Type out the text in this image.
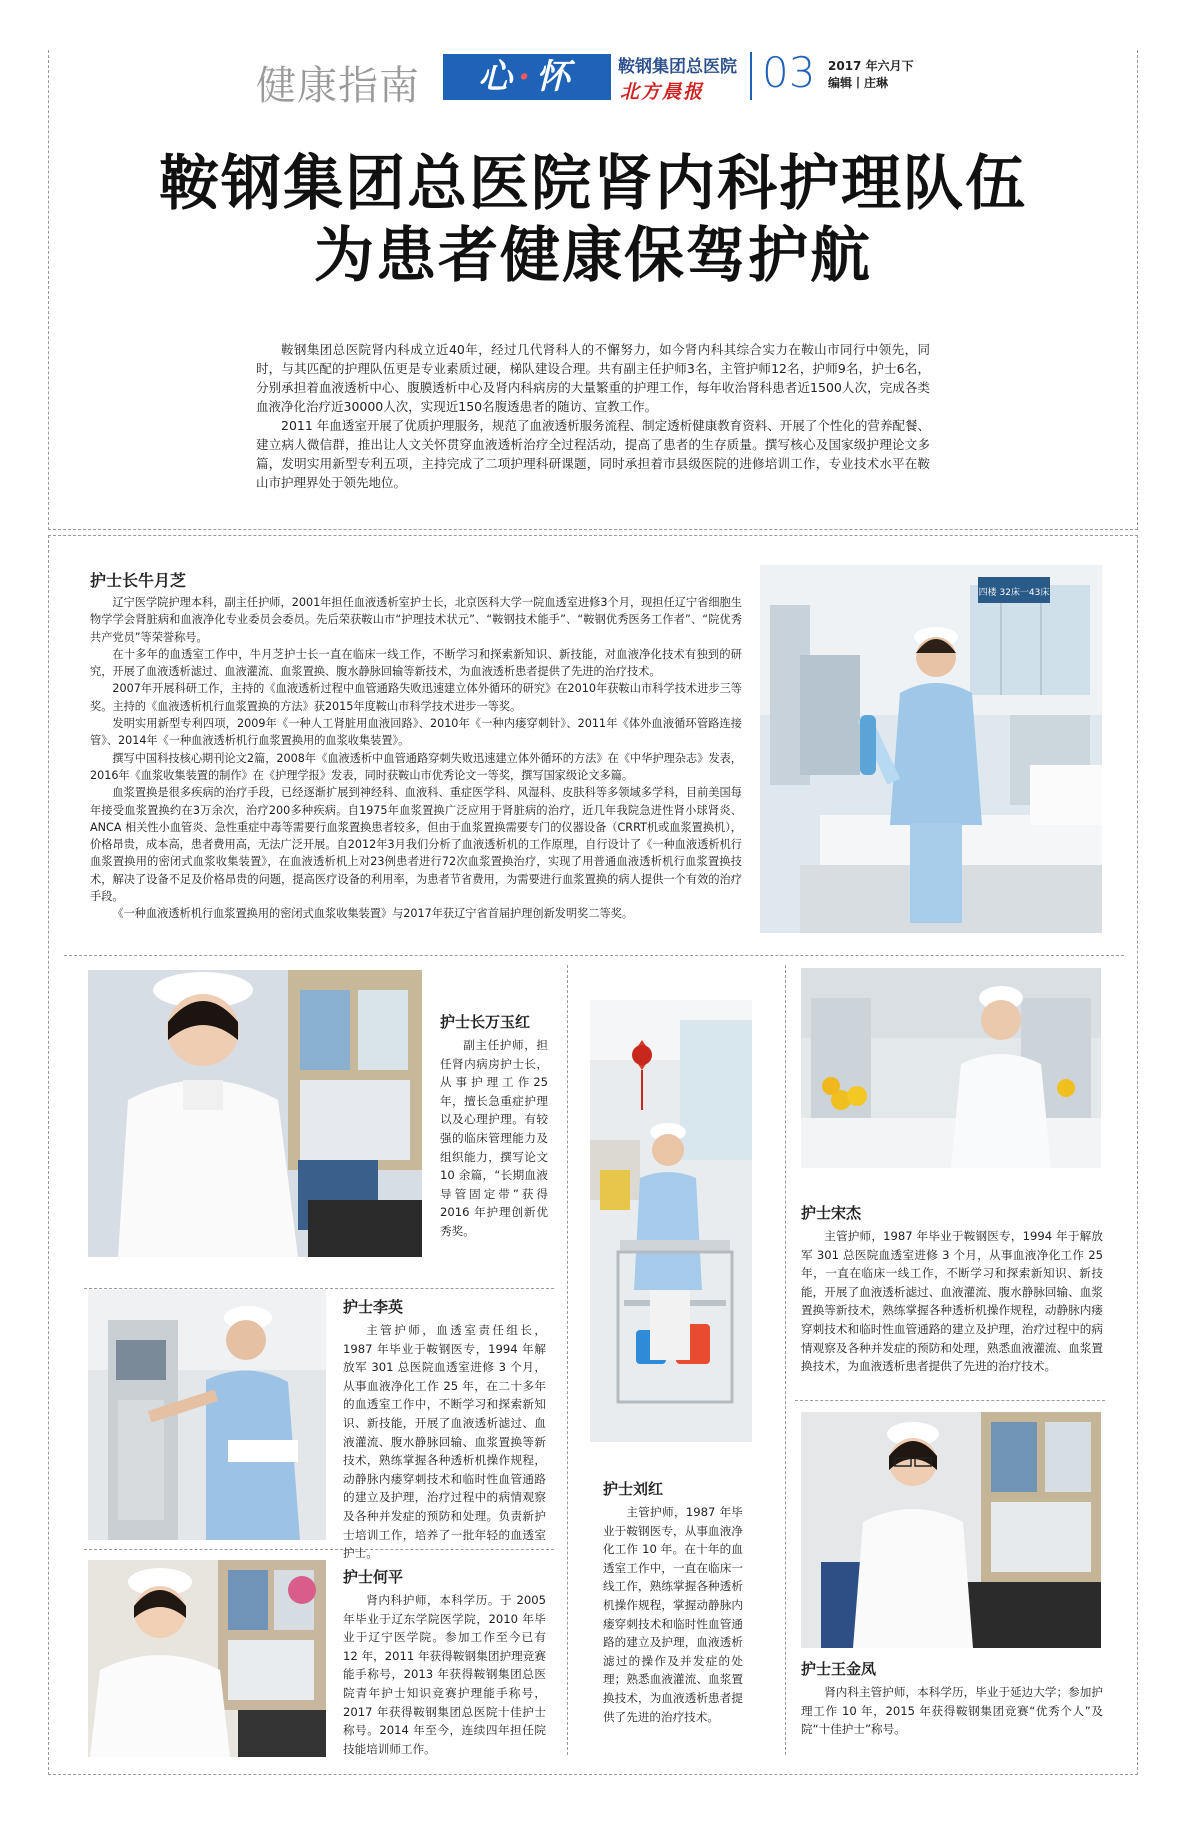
健康指南	心·怀	鞍钢集团总医院
北方晨报 03 2017 年六月下
编辑丨庄琳
鞍钢集团总医院肾内科护理队伍
为患者健康保驾护航

鞍钢集团总医院肾内科成立近40年，经过几代肾科人的不懈努力，如今肾内科其综合实力在鞍山市同行中领先，同时，与其匹配的护理队伍更是专业素质过硬，梯队建设合理。共有副主任护师3名，主管护师12名，护师9名，护士6名，分别承担着血液透析中心、腹膜透析中心及肾内科病房的大量繁重的护理工作，每年收治肾科患者近1500人次，完成各类血液净化治疗近30000人次，实现近150名腹透患者的随访、宣教工作。

2011 年血透室开展了优质护理服务，规范了血液透析服务流程、制定透析健康教育资料、开展了个性化的营养配餐、建立病人微信群，推出让人文关怀贯穿血液透析治疗全过程活动，提高了患者的生存质量。撰写核心及国家级护理论文多篇，发明实用新型专利五项，主持完成了二项护理科研课题，同时承担着市县级医院的进修培训工作，专业技术水平在鞍山市护理界处于领先地位。

护士长牛月芝

辽宁医学院护理本科，副主任护师，2001年担任血液透析室护士长，北京医科大学一院血透室进修3个月，现担任辽宁省细胞生物学学会肾脏病和血液净化专业委员会委员。先后荣获鞍山市“护理技术状元”、“鞍钢技术能手”、“鞍钢优秀医务工作者”、“院优秀共产党员”等荣誉称号。

在十多年的血透室工作中，牛月芝护士长一直在临床一线工作，不断学习和探索新知识、新技能，对血液净化技术有独到的研究，开展了血液透析滤过、血液灌流、血浆置换、腹水静脉回输等新技术，为血液透析患者提供了先进的治疗技术。

2007年开展科研工作，主持的《血液透析过程中血管通路失败迅速建立体外循环的研究》在2010年获鞍山市科学技术进步三等奖。主持的《血液透析机行血浆置换的方法》获2015年度鞍山市科学技术进步一等奖。

发明实用新型专利四项，2009年《一种人工肾脏用血液回路》、2010年《一种内瘘穿刺针》、2011年《体外血液循环管路连接管》、2014年《一种血液透析机行血浆置换用的血浆收集装置》。

撰写中国科技核心期刊论文2篇，2008年《血液透析中血管通路穿刺失败迅速建立体外循环的方法》在《中华护理杂志》发表，2016年《血浆收集装置的制作》在《护理学报》发表，同时获鞍山市优秀论文一等奖，撰写国家级论文多篇。

血浆置换是很多疾病的治疗手段，已经逐渐扩展到神经科、血液科、重症医学科、风湿科、皮肤科等多领域多学科，目前美国每年接受血浆置换约在3万余次，治疗200多种疾病。自1975年血浆置换广泛应用于肾脏病的治疗，近几年我院急进性肾小球肾炎、ANCA 相关性小血管炎、急性重症中毒等需要行血浆置换患者较多，但由于血浆置换需要专门的仪器设备（CRRT机或血浆置换机），价格昂贵，成本高，患者费用高，无法广泛开展。自2012年3月我们分析了血液透析机的工作原理，自行设计了《一种血液透析机行血浆置换用的密闭式血浆收集装置》，在血液透析机上对23例患者进行72次血浆置换治疗，实现了用普通血液透析机行血浆置换技术，解决了设备不足及价格昂贵的问题，提高医疗设备的利用率，为患者节省费用，为需要进行血浆置换的病人提供一个有效的治疗手段。

《一种血液透析机行血浆置换用的密闭式血浆收集装置》与2017年获辽宁省首届护理创新发明奖二等奖。

四楼 32床一43床
护士长万玉红

副主任护师，担任肾内病房护士长，从事护理工作25 年，擅长急重症护理以及心理护理。有较强的临床管理能力及组织能力，撰写论文 10 余篇，“长期血液导管固定带”获得 2016 年护理创新优秀奖。

护士李英

主管护师，血透室责任组长，1987 年毕业于鞍钢医专，1994 年解放军 301 总医院血透室进修 3 个月，从事血液净化工作 25 年，在二十多年的血透室工作中，不断学习和探索新知识、新技能，开展了血液透析滤过、血液灌流、腹水静脉回输、血浆置换等新技术，熟练掌握各种透析机操作规程，动静脉内瘘穿刺技术和临时性血管通路的建立及护理，治疗过程中的病情观察及各种并发症的预防和处理。负责新护士培训工作，培养了一批年轻的血透室护士。

护士何平

肾内科护师，本科学历。于 2005 年毕业于辽东学院医学院，2010 年毕业于辽宁医学院。参加工作至今已有 12 年，2011 年获得鞍钢集团护理竞赛能手称号，2013 年获得鞍钢集团总医院青年护士知识竞赛护理能手称号，2017 年获得鞍钢集团总医院十佳护士称号。2014 年至今，连续四年担任院技能培训师工作。

护士刘红

主管护师，1987 年毕业于鞍钢医专，从事血液净化工作 10 年。在十年的血透室工作中，一直在临床一线工作，熟练掌握各种透析机操作规程，掌握动静脉内瘘穿刺技术和临时性血管通路的建立及护理，血液透析滤过的操作及并发症的处理；熟悉血液灌流、血浆置换技术，为血液透析患者提供了先进的治疗技术。

护士宋杰

主管护师，1987 年毕业于鞍钢医专，1994 年于解放军 301 总医院血透室进修 3 个月，从事血液净化工作 25 年，一直在临床一线工作，不断学习和探索新知识、新技能，开展了血液透析滤过、血液灌流、腹水静脉回输、血浆置换等新技术，熟练掌握各种透析机操作规程，动静脉内瘘穿刺技术和临时性血管通路的建立及护理，治疗过程中的病情观察及各种并发症的预防和处理，熟悉血液灌流、血浆置换技术，为血液透析患者提供了先进的治疗技术。

护士王金凤

肾内科主管护师，本科学历，毕业于延边大学；参加护理工作 10 年，2015 年获得鞍钢集团竞赛“优秀个人”及院“十佳护士”称号。
